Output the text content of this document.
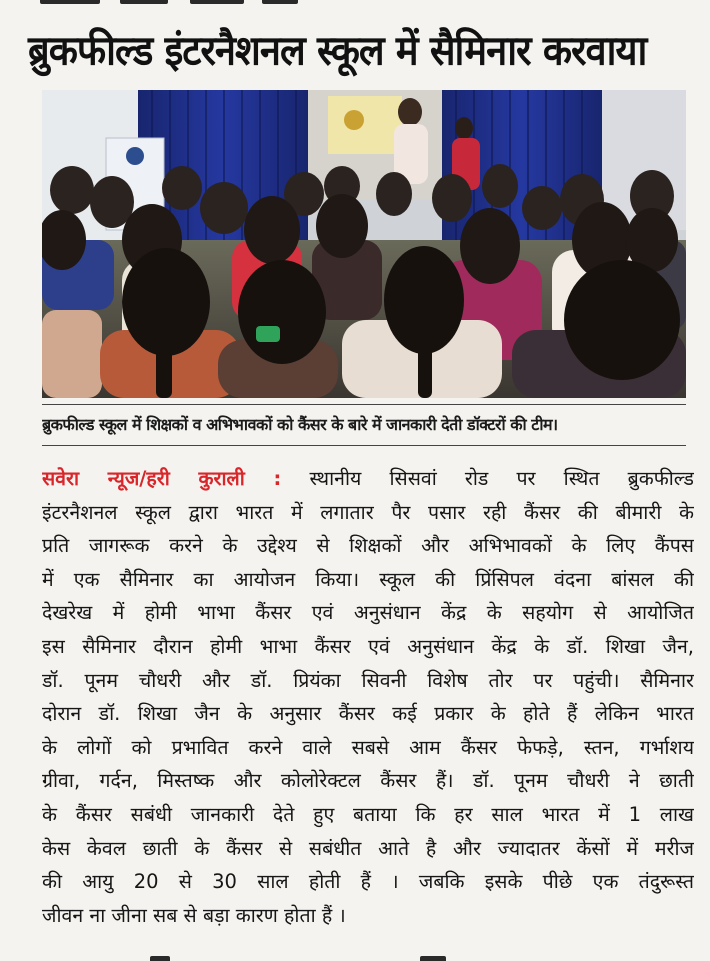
ब्रुकफील्ड इंटरनैशनल स्कूल में सैमिनार करवाया
ब्रुकफील्ड स्कूल में शिक्षकों व अभिभावकों को कैंसर के बारे में जानकारी देती डॉक्टरों की टीम।
सवेरा न्यूज/हरी कुराली : स्थानीय सिसवां रोड पर स्थित ब्रुकफील्ड
इंटरनैशनल स्कूल द्वारा भारत में लगातार पैर पसार रही कैंसर की बीमारी के
प्रति जागरूक करने के उद्देश्य से शिक्षकों और अभिभावकों के लिए कैंपस
में एक सैमिनार का आयोजन किया। स्कूल की प्रिंसिपल वंदना बांसल की
देखरेख में होमी भाभा कैंसर एवं अनुसंधान केंद्र के सहयोग से आयोजित
इस सैमिनार दौरान होमी भाभा कैंसर एवं अनुसंधान केंद्र के डॉ. शिखा जैन,
डॉ. पूनम चौधरी और डॉ. प्रियंका सिवनी विशेष तोर पर पहुंची। सैमिनार
दोरान डॉ. शिखा जैन के अनुसार कैंसर कई प्रकार के होते हैं लेकिन भारत
के लोगों को प्रभावित करने वाले सबसे आम कैंसर फेफड़े, स्तन, गर्भाशय
ग्रीवा, गर्दन, मिस्तष्क और कोलोरेक्टल कैंसर हैं। डॉ. पूनम चौधरी ने छाती
के कैंसर सबंधी जानकारी देते हुए बताया कि हर साल भारत में 1 लाख
केस केवल छाती के कैंसर से सबंधीत आते है और ज्यादातर केंसों में मरीज
की आयु 20 से 30 साल होती हैं । जबकि इसके पीछे एक तंदुरूस्त
जीवन ना जीना सब से बड़ा कारण होता हैं ।
